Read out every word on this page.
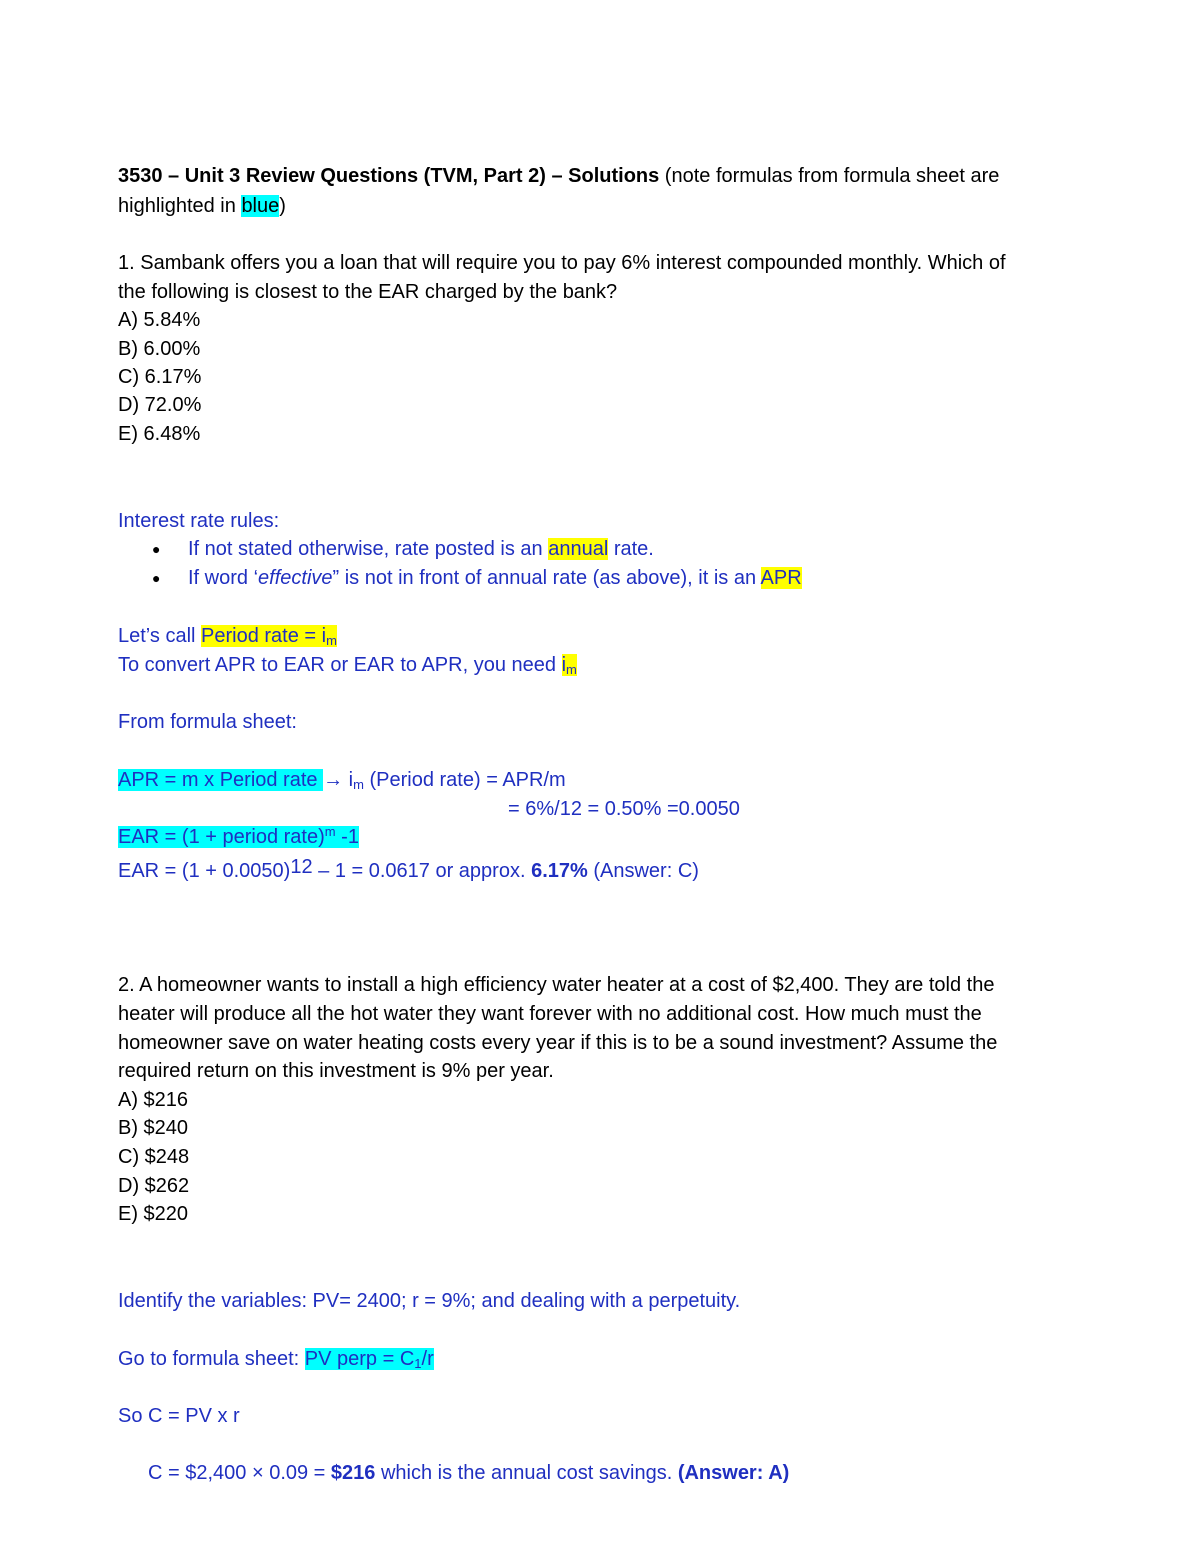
3530 – Unit 3 Review Questions (TVM, Part 2) – Solutions (note formulas from formula sheet are
highlighted in blue)
1. Sambank offers you a loan that will require you to pay 6% interest compounded monthly. Which of
the following is closest to the EAR charged by the bank?
A) 5.84%
B) 6.00%
C) 6.17%
D) 72.0%
E) 6.48%
Interest rate rules:
● If not stated otherwise, rate posted is an annual rate.
● If word ‘effective” is not in front of annual rate (as above), it is an APR
Let’s call Period rate = $i_m$
To convert APR to EAR or EAR to APR, you need $i_m$
From formula sheet:
APR = m x Period rate → $i_m$ (Period rate) = APR/m
= 6%/12 = 0.50% =0.0050
EAR = (1 + period rate)$^m$ -1
EAR = (1 + 0.0050)12 – 1 = 0.0617 or approx. 6.17% (Answer: C)
2. A homeowner wants to install a high efficiency water heater at a cost of $2,400. They are told the
heater will produce all the hot water they want forever with no additional cost. How much must the
homeowner save on water heating costs every year if this is to be a sound investment? Assume the
required return on this investment is 9% per year.
A) $216
B) $240
C) $248
D) $262
E) $220
Identify the variables: PV= 2400; r = 9%; and dealing with a perpetuity.
Go to formula sheet: PV perp = $C_1/r$
So C = PV x r
C = $2,400 × 0.09 = $216 which is the annual cost savings. (Answer: A)
